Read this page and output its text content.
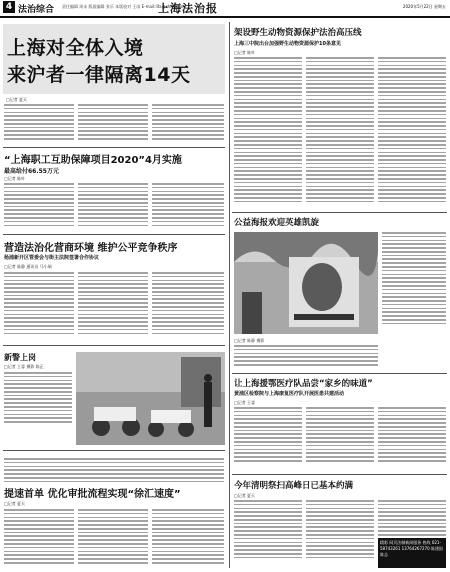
4 法治综合 责任编辑 周末 版面编辑 张乐 本版校对 王雨 E-mail:lifa@shfzb.com
上海法治报	2020年5月22日 星期五
上海对全体入境
来沪者一律隔离14天
□记者 夏天
“上海职工互助保障项目2020”4月实施
最高给付66.55万元
□记者 陈叶
营造法治化营商环境 维护公平竞争秩序
杨浦新开区管委会与街主法院签署合作协议
□记者 陈静 通讯员 马小瑞
新警上岗
□记者 王睿 摄影 陈正
提速首单 优化审批流程实现“徐汇速度”
□记者 夏天
架设野生动物资源保护法治高压线
上海三中院出台加强野生动物资源保护10条意见
□记者 陈叶
公益海报欢迎英雄凯旋
□记者 陈静 摄影
让上海援鄂医疗队品尝“家乡的味道”
黄浦区检察院与上海康复医疗队开展医患共建活动
□记者 王睿
今年清明祭扫高峰日已基本约满
□记者 夏天
精彩 网页法制新闻服务 热线 021-58743261 13764267270 陈建国 陈志
